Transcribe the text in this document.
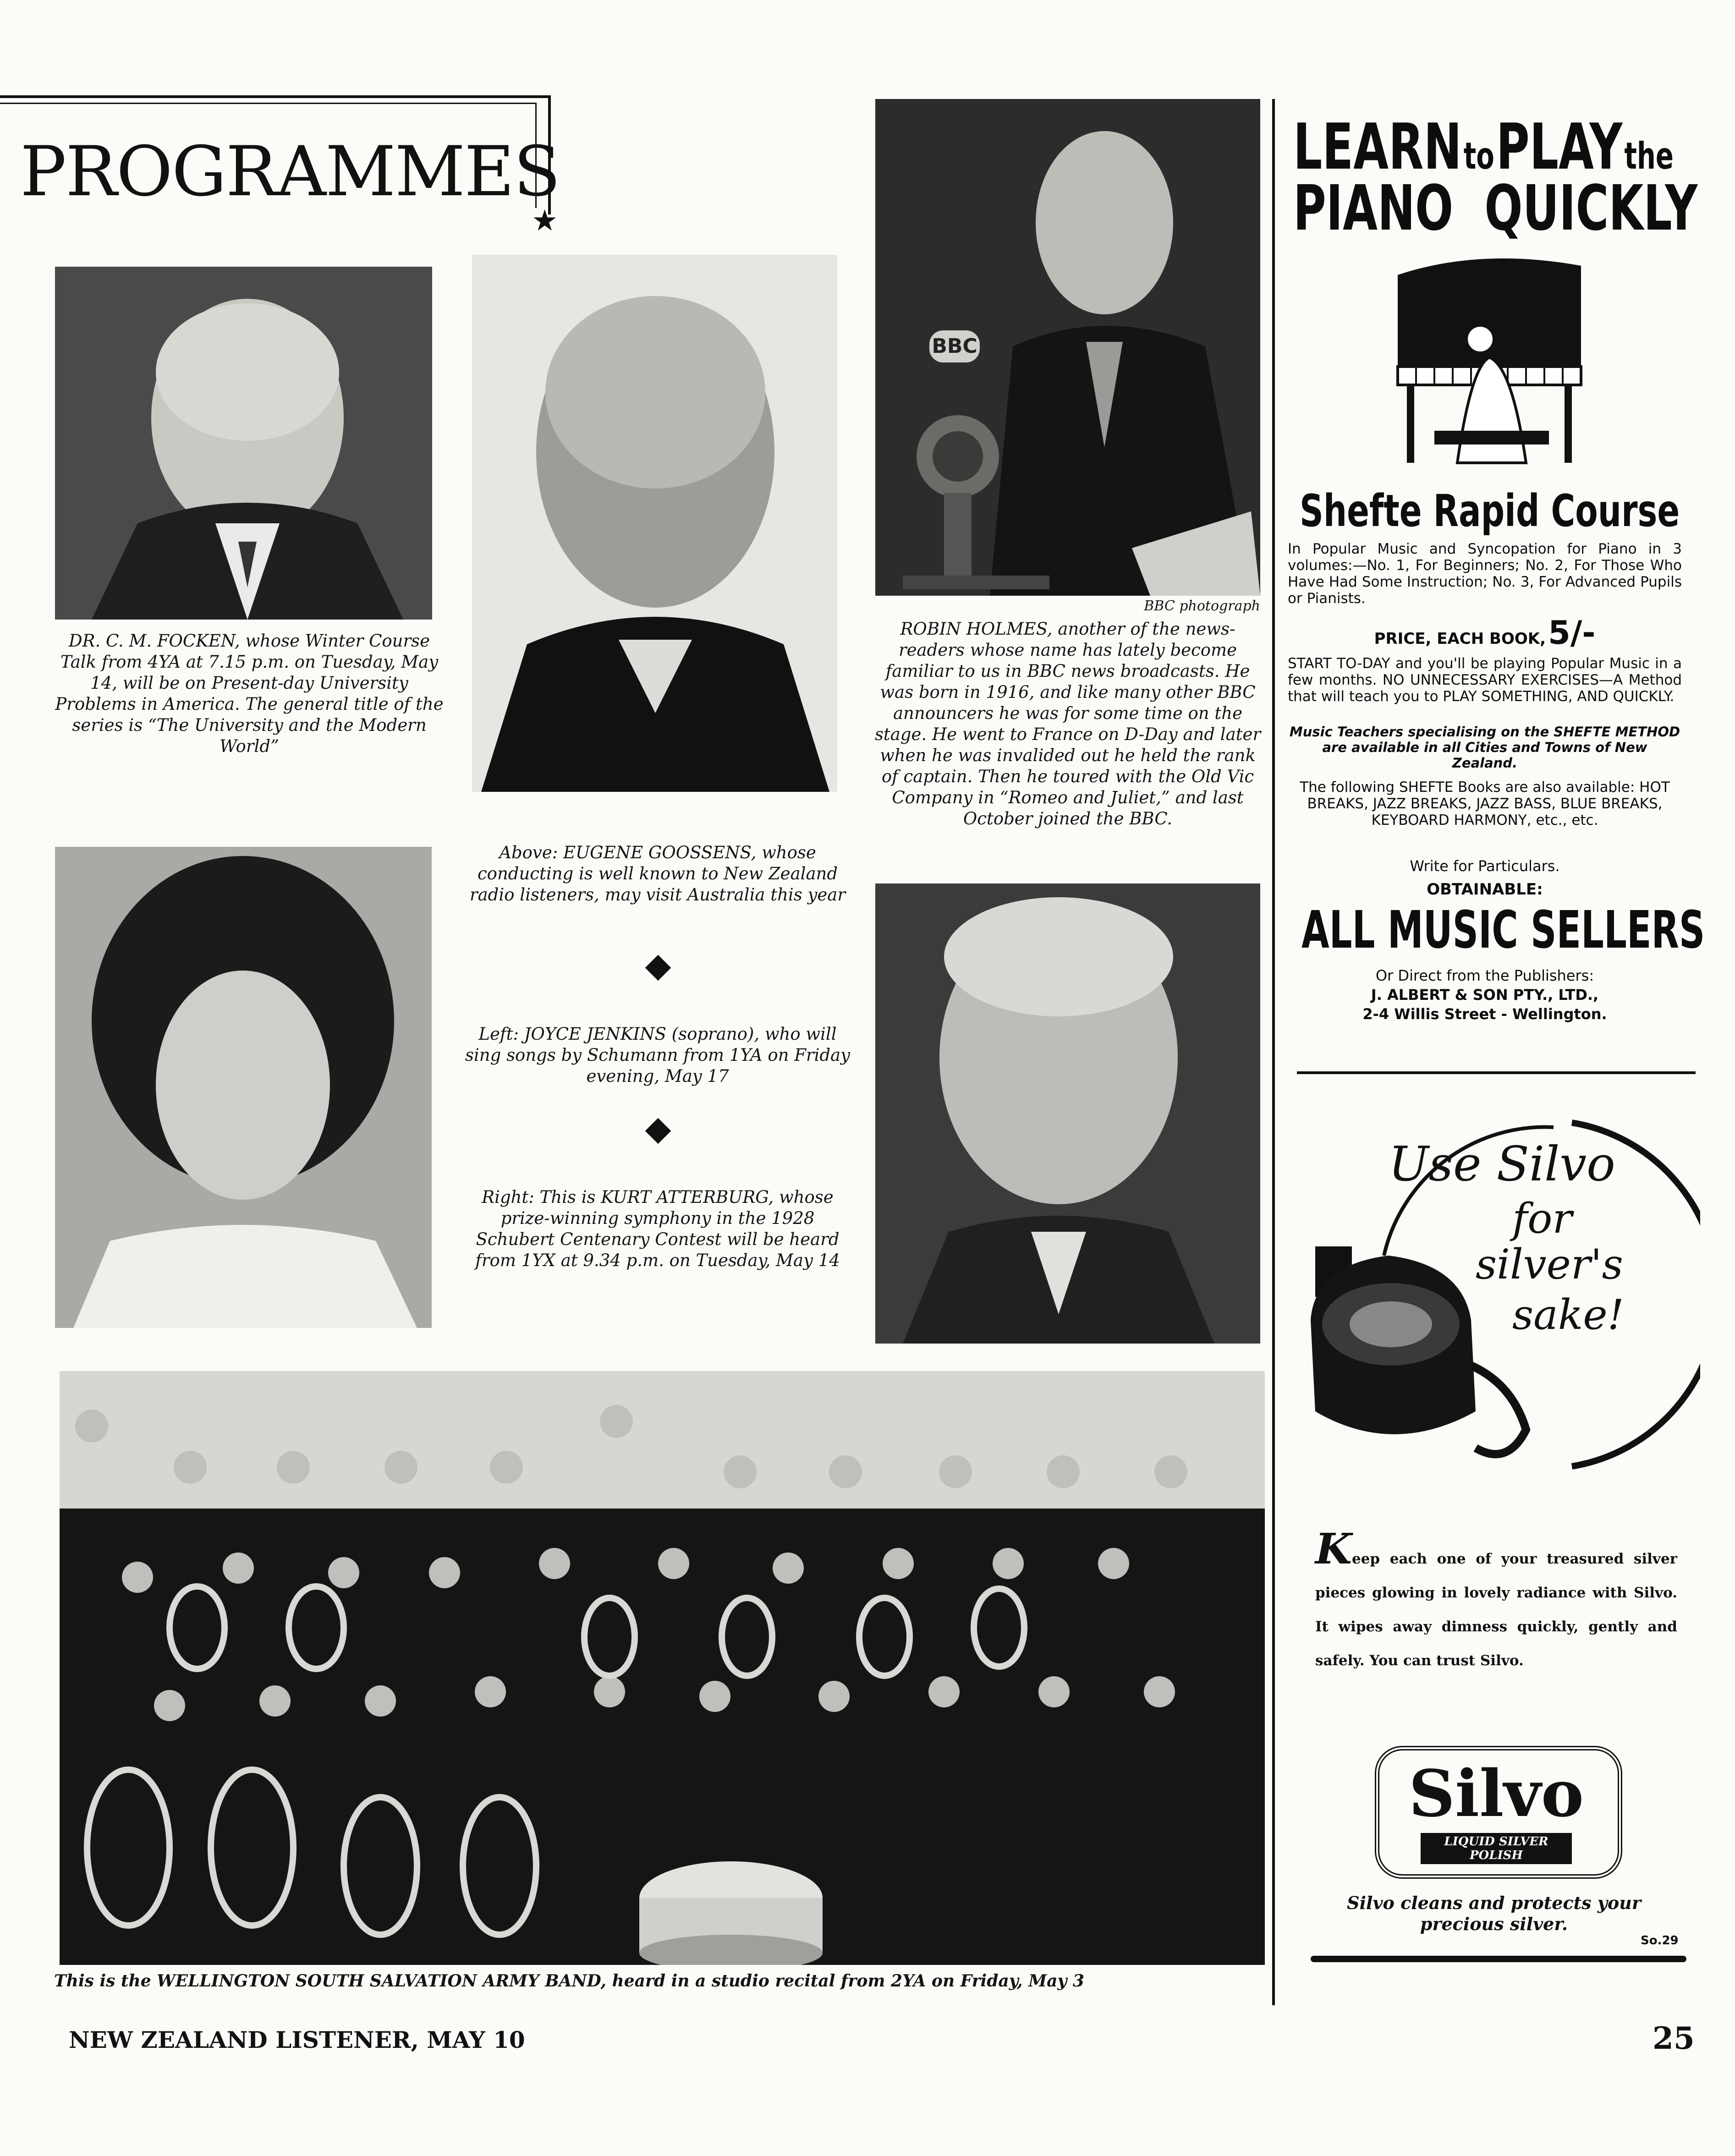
PROGRAMMES
★
BBC
DR. C. M. FOCKEN, whose Winter Course Talk from 4YA at 7.15 p.m. on Tuesday, May 14, will be on Present-day University Problems in America. The general title of the series is “The University and the Modern World”
Above: EUGENE GOOSSENS, whose conducting is well known to New Zealand radio listeners, may visit Australia this year
Left: JOYCE JENKINS (soprano), who will sing songs by Schumann from 1YA on Friday evening, May 17
Right: This is KURT ATTERBURG, whose prize-winning symphony in the 1928 Schubert Centenary Contest will be heard from 1YX at 9.34 p.m. on Tuesday, May 14
BBC photograph
ROBIN HOLMES, another of the news-readers whose name has lately become familiar to us in BBC news broadcasts. He was born in 1916, and like many other BBC announcers he was for some time on the stage. He went to France on D-Day and later when he was invalided out he held the rank of captain. Then he toured with the Old Vic Company in “Romeo and Juliet,” and last October joined the BBC.
This is the WELLINGTON SOUTH SALVATION ARMY BAND, heard in a studio recital from 2YA on Friday, May 3
LEARN to PLAY the
PIANO  QUICKLY
Shefte Rapid Course
In Popular Music and Syncopation for Piano in 3 volumes:—No. 1, For Beginners; No. 2, For Those Who Have Had Some Instruction; No. 3, For Advanced Pupils or Pianists.
PRICE, EACH BOOK, 5/-
START TO-DAY and you'll be playing Popular Music in a few months. NO UNNECESSARY EXERCISES—A Method that will teach you to PLAY SOMETHING, AND QUICKLY.
Music Teachers specialising on the SHEFTE METHOD are available in all Cities and Towns of New Zealand.
The following SHEFTE Books are also available: HOT BREAKS, JAZZ BREAKS, JAZZ BASS, BLUE BREAKS, KEYBOARD HARMONY, etc., etc.
Write for Particulars.
OBTAINABLE:
ALL MUSIC SELLERS
Or Direct from the Publishers:
J. ALBERT & SON PTY., LTD.,
2-4 Willis Street - Wellington.
Use Silvo
for
silver's
sake!
Keep each one of your treasured silver pieces glowing in lovely radiance with Silvo. It wipes away dimness quickly, gently and safely. You can trust Silvo.
Silvo
LIQUID SILVER POLISH
Silvo cleans and protects your precious silver.
So.29
NEW ZEALAND LISTENER, MAY 10	25
